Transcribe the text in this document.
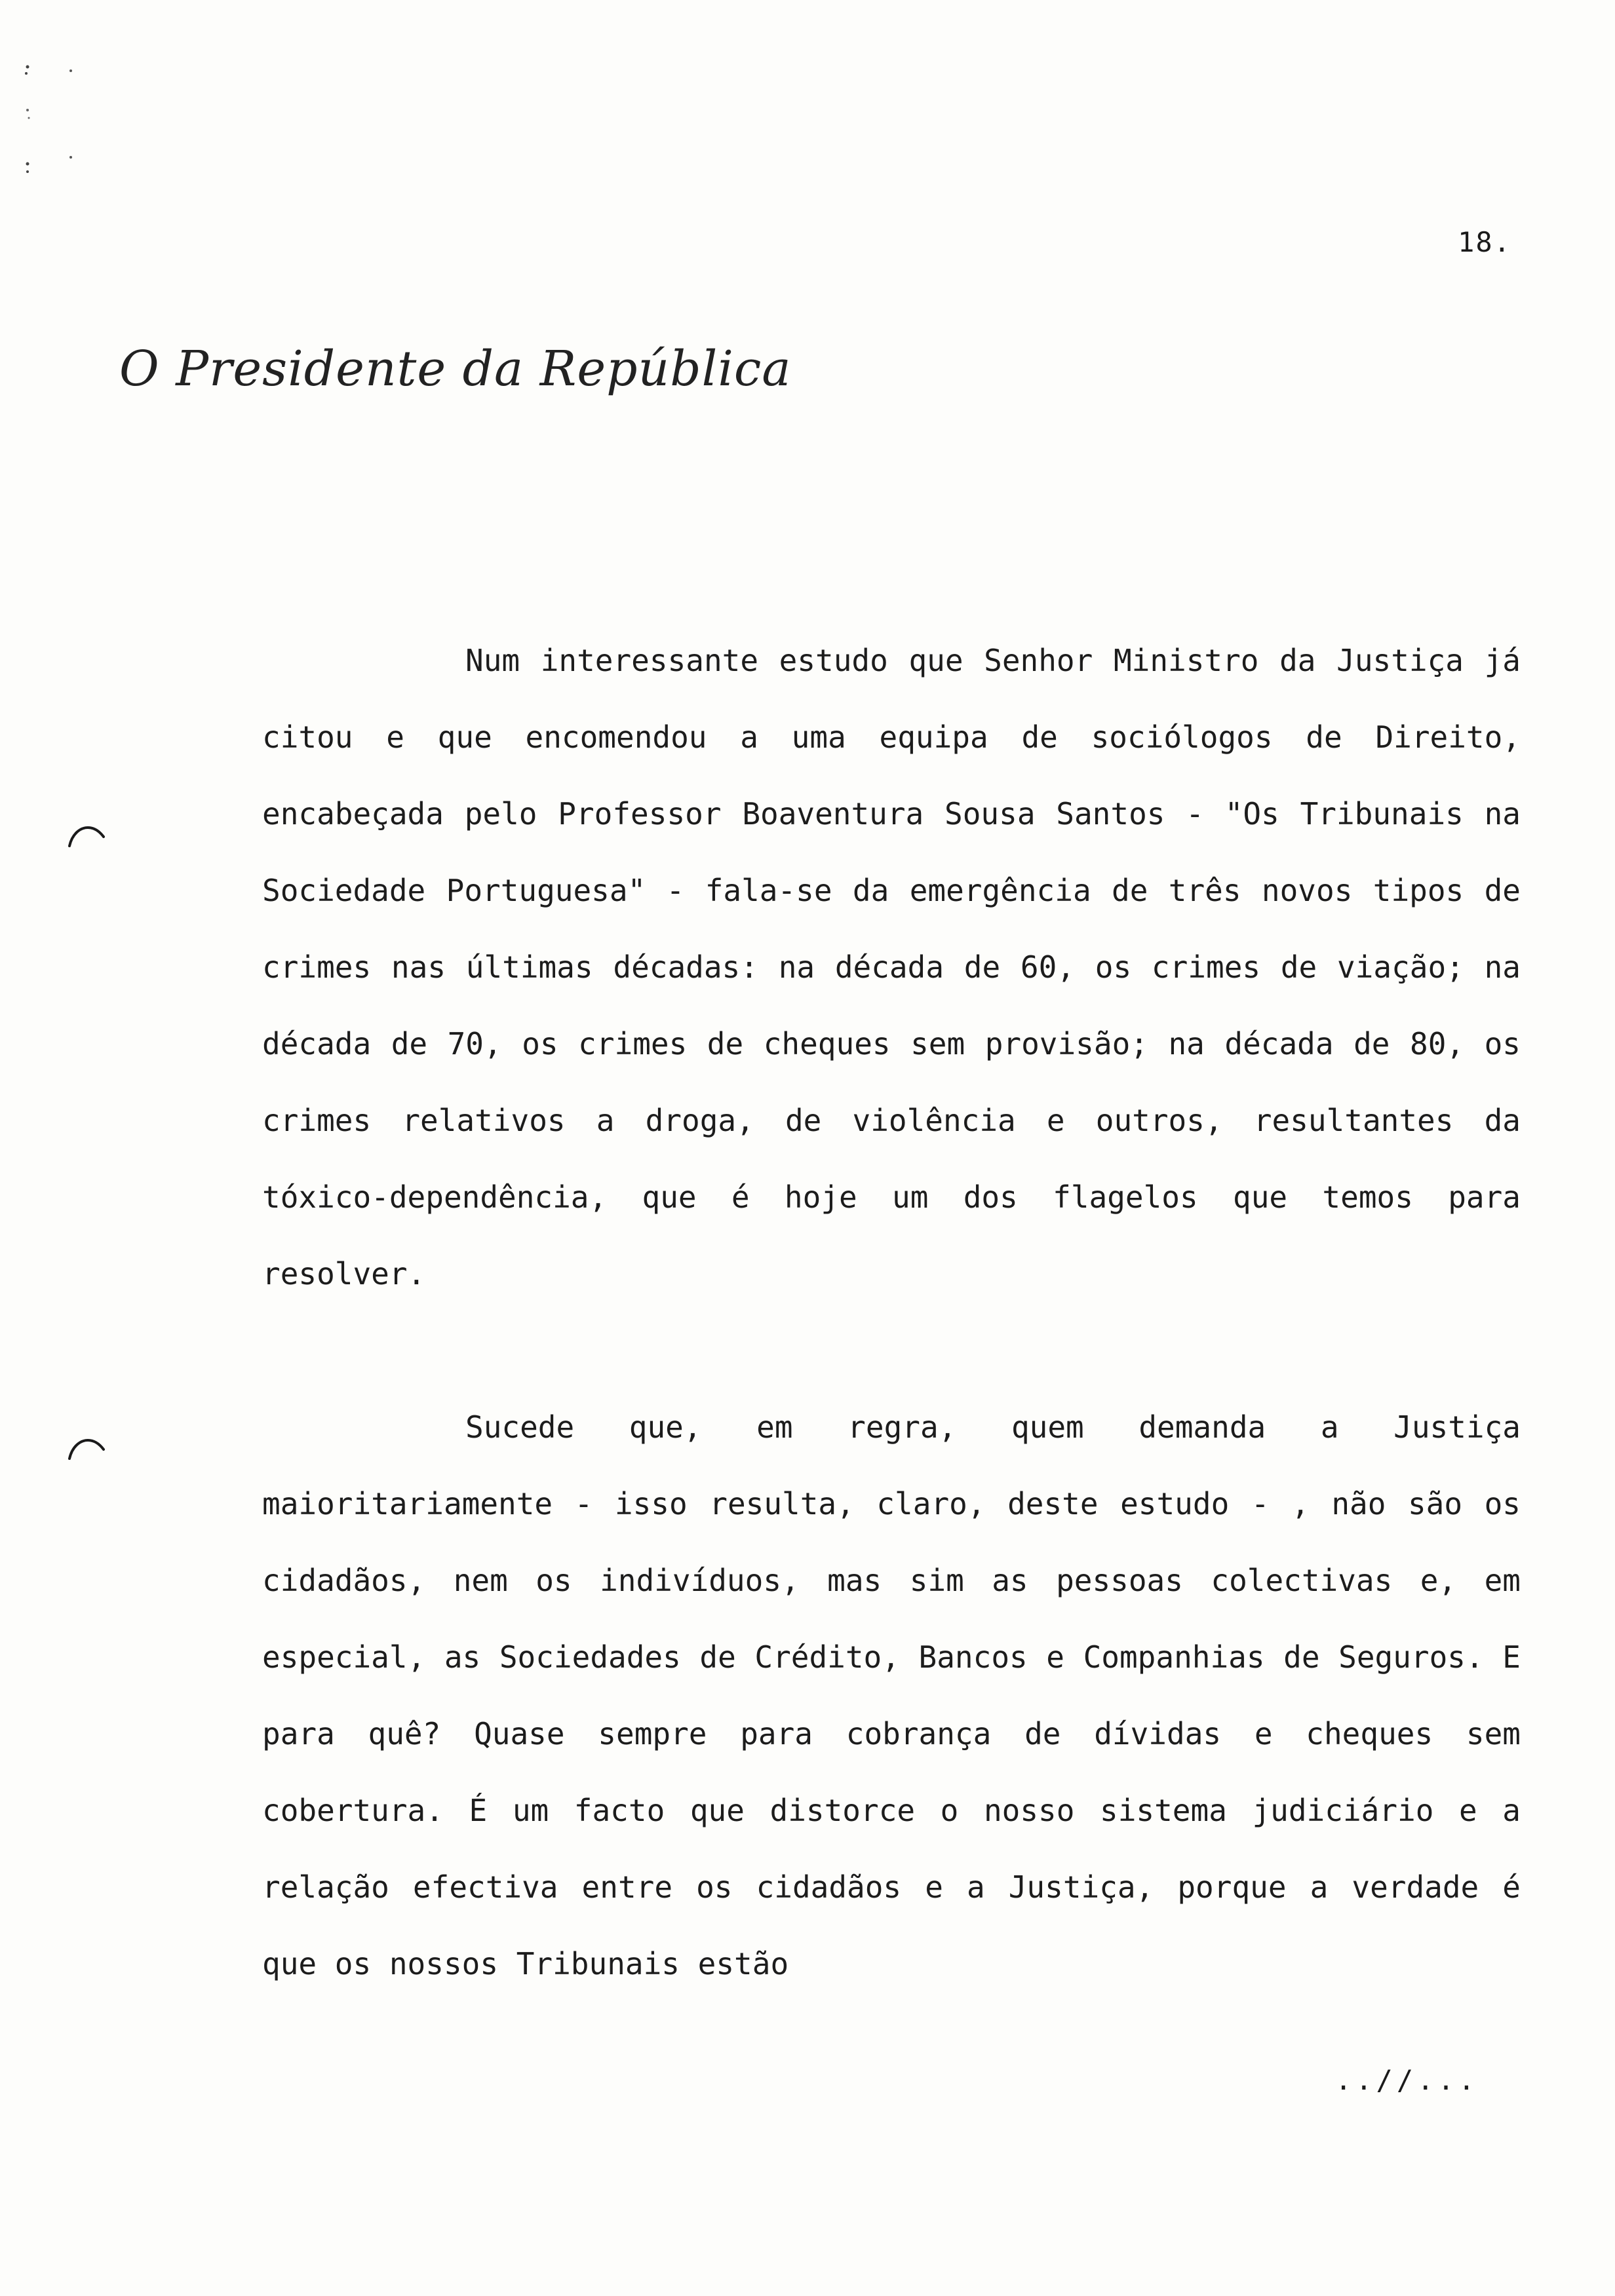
18.
O Presidente da República

Num interessante estudo que Senhor Ministro da Justiça já citou e que encomendou a uma equipa de sociólogos de Direito, encabeçada pelo Professor Boaventura Sousa Santos - "Os Tribunais na Sociedade Portuguesa" - fala-se da emergência de três novos tipos de crimes nas últimas décadas: na década de 60, os crimes de viação; na década de 70, os crimes de cheques sem provisão; na década de 80, os crimes relativos a droga, de violência e outros, resultantes da tóxico-dependência, que é hoje um dos flagelos que temos para resolver.

Sucede que, em regra, quem demanda a Justiça maioritariamente - isso resulta, claro, deste estudo - , não são os cidadãos, nem os indivíduos, mas sim as pessoas colectivas e, em especial, as Sociedades de Crédito, Bancos e Companhias de Seguros. E para quê? Quase sempre para cobrança de dívidas e cheques sem cobertura. É um facto que distorce o nosso sistema judiciário e a relação efectiva entre os cidadãos e a Justiça, porque a verdade é que os nossos Tribunais estão

..//...
